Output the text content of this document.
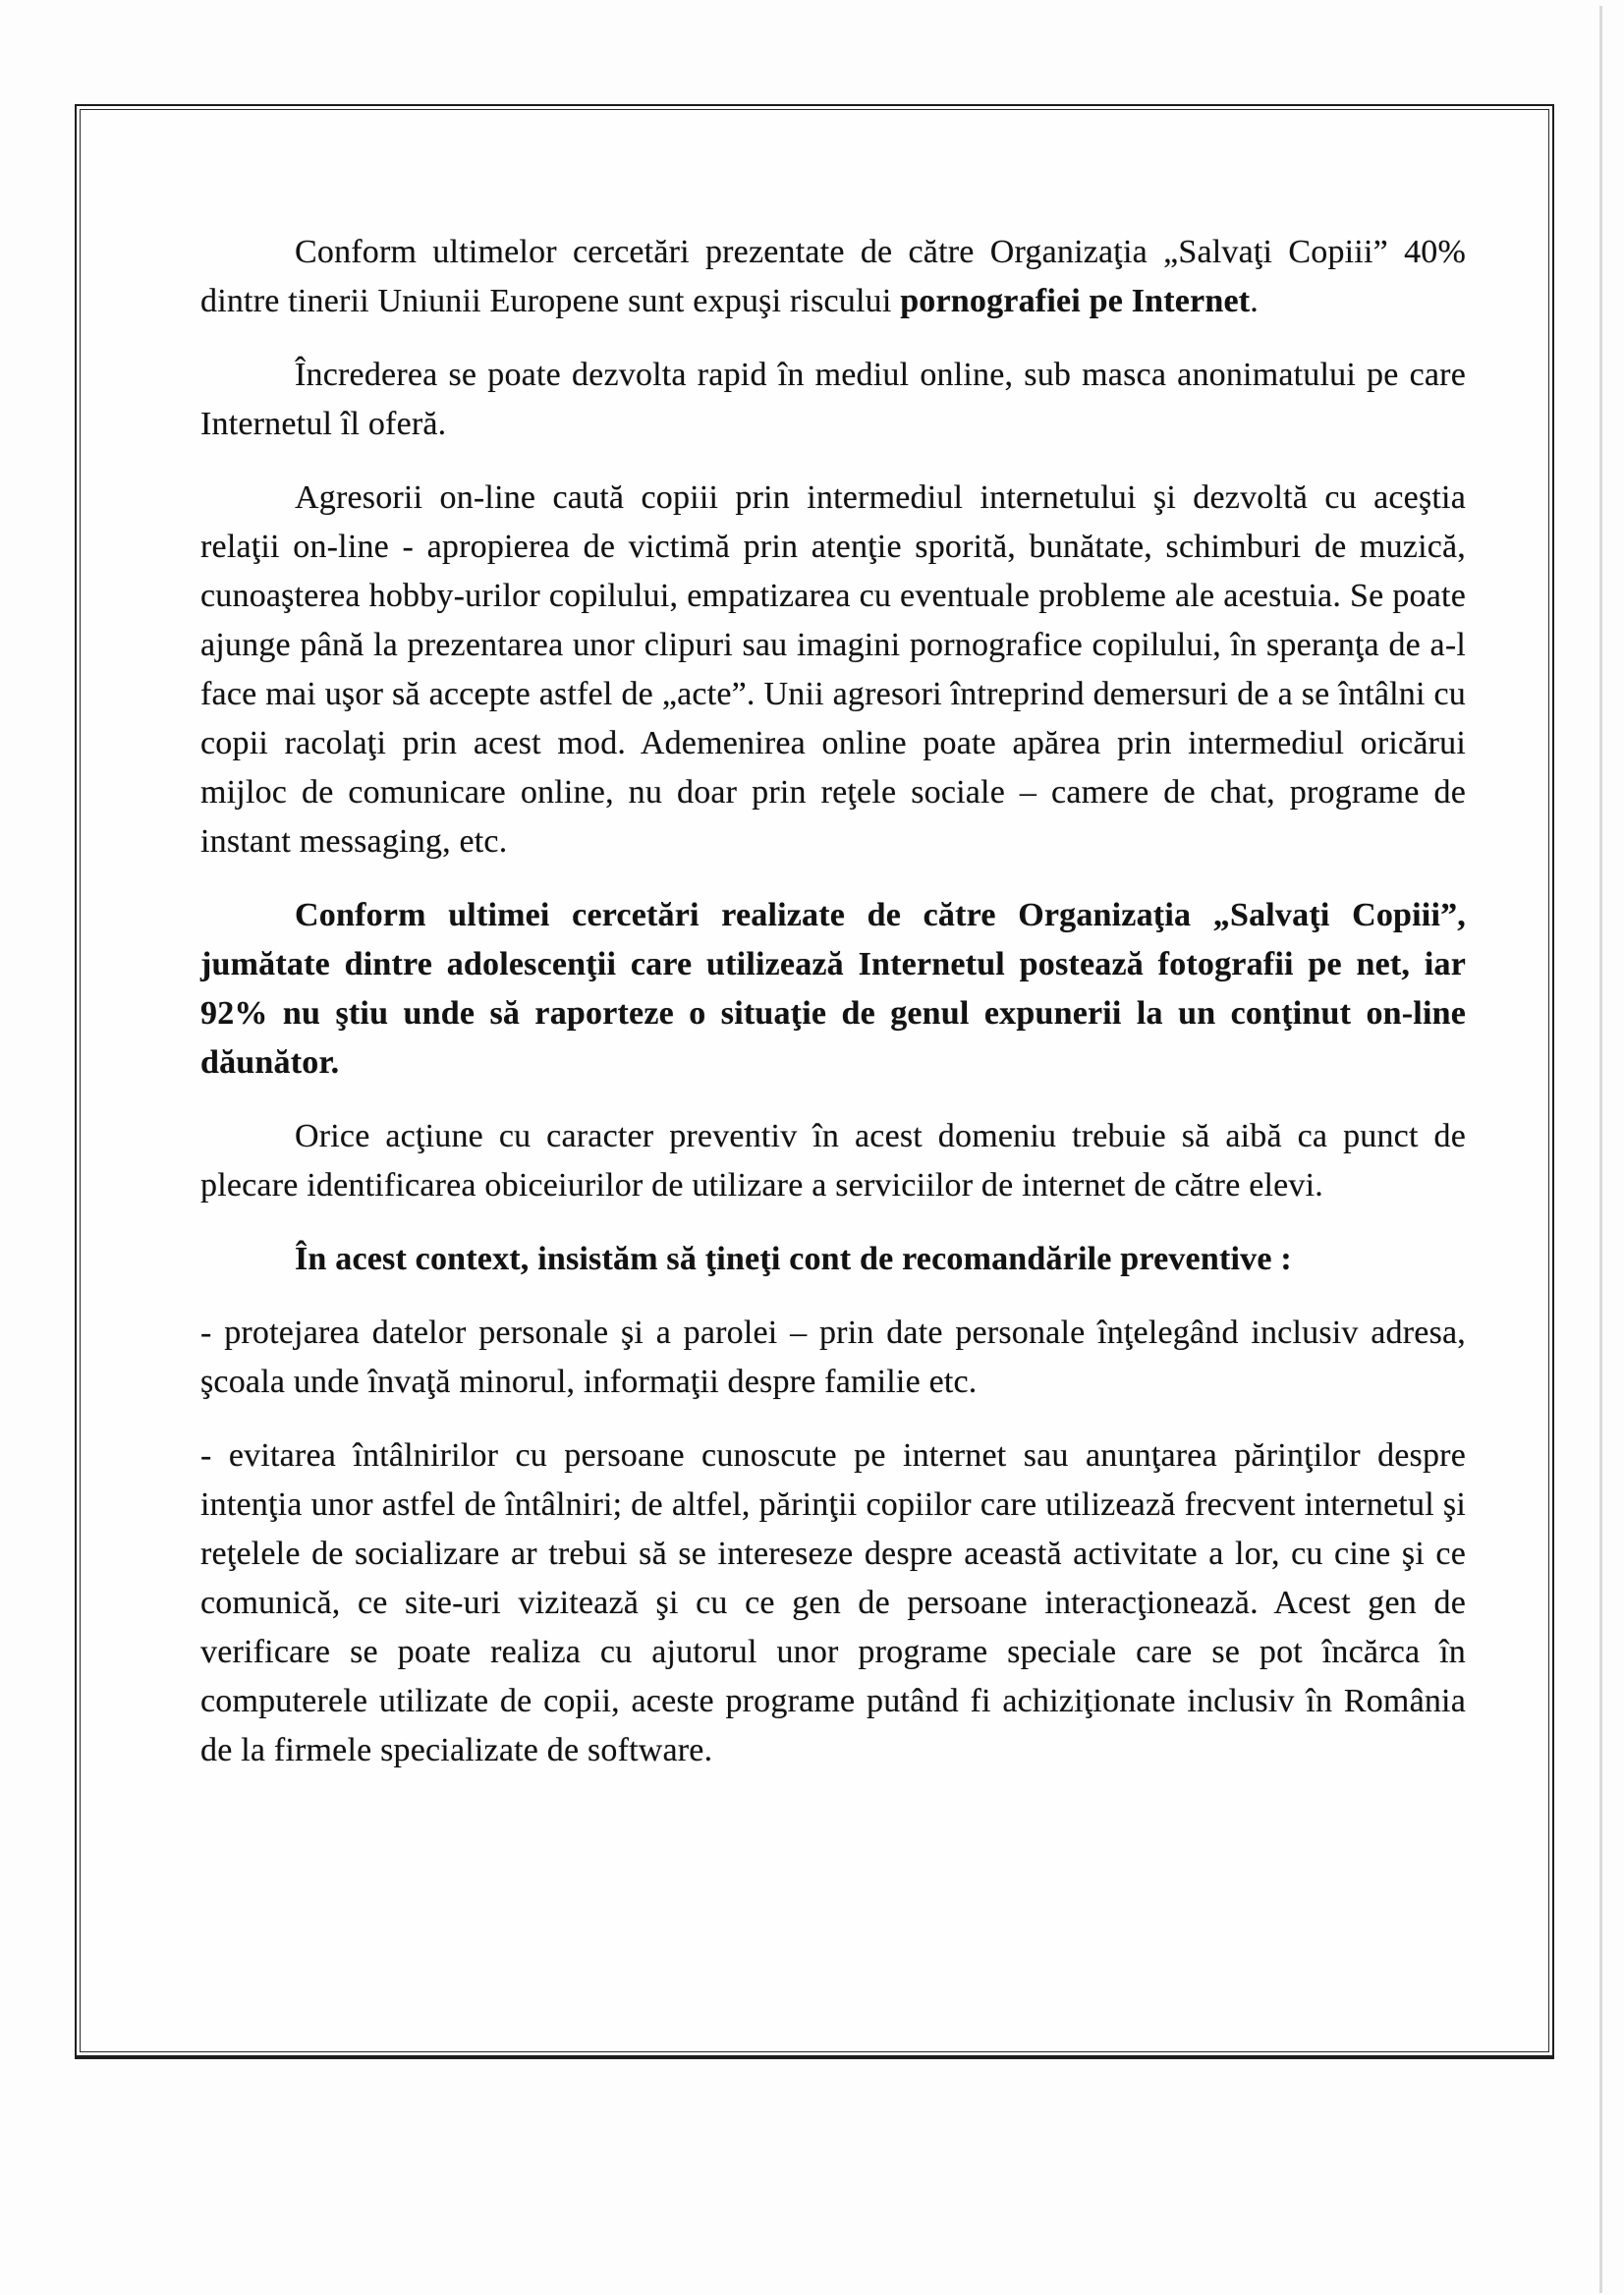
Conform ultimelor cercetări prezentate de către Organizaţia „Salvaţi Copiii” 40% dintre tinerii Uniunii Europene sunt expuşi riscului pornografiei pe Internet.

Încrederea se poate dezvolta rapid în mediul online, sub masca anonimatului pe care Internetul îl oferă.

Agresorii on-line caută copiii prin intermediul internetului şi dezvoltă cu aceştia relaţii on-line - apropierea de victimă prin atenţie sporită, bunătate, schimburi de muzică, cunoaşterea hobby-urilor copilului, empatizarea cu eventuale probleme ale acestuia. Se poate ajunge până la prezentarea unor clipuri sau imagini pornografice copilului, în speranţa de a-l face mai uşor să accepte astfel de „acte”. Unii agresori întreprind demersuri de a se întâlni cu copii racolaţi prin acest mod. Ademenirea online poate apărea prin intermediul oricărui mijloc de comunicare online, nu doar prin reţele sociale – camere de chat, programe de instant messaging, etc.

Conform ultimei cercetări realizate de către Organizaţia „Salvaţi Copiii”, jumătate dintre adolescenţii care utilizează Internetul postează fotografii pe net, iar 92% nu ştiu unde să raporteze o situaţie de genul expunerii la un conţinut on-line dăunător.

Orice acţiune cu caracter preventiv în acest domeniu trebuie să aibă ca punct de plecare identificarea obiceiurilor de utilizare a serviciilor de internet de către elevi.

În acest context, insistăm să ţineţi cont de recomandările preventive :

- protejarea datelor personale şi a parolei – prin date personale înţelegând inclusiv adresa, şcoala unde învaţă minorul, informaţii despre familie etc.

- evitarea întâlnirilor cu persoane cunoscute pe internet sau anunţarea părinţilor despre intenţia unor astfel de întâlniri; de altfel, părinţii copiilor care utilizează frecvent internetul şi reţelele de socializare ar trebui să se intereseze despre această activitate a lor, cu cine şi ce comunică, ce site-uri vizitează şi cu ce gen de persoane interacţionează. Acest gen de verificare se poate realiza cu ajutorul unor programe speciale care se pot încărca în computerele utilizate de copii, aceste programe putând fi achiziţionate inclusiv în România de la firmele specializate de software.
